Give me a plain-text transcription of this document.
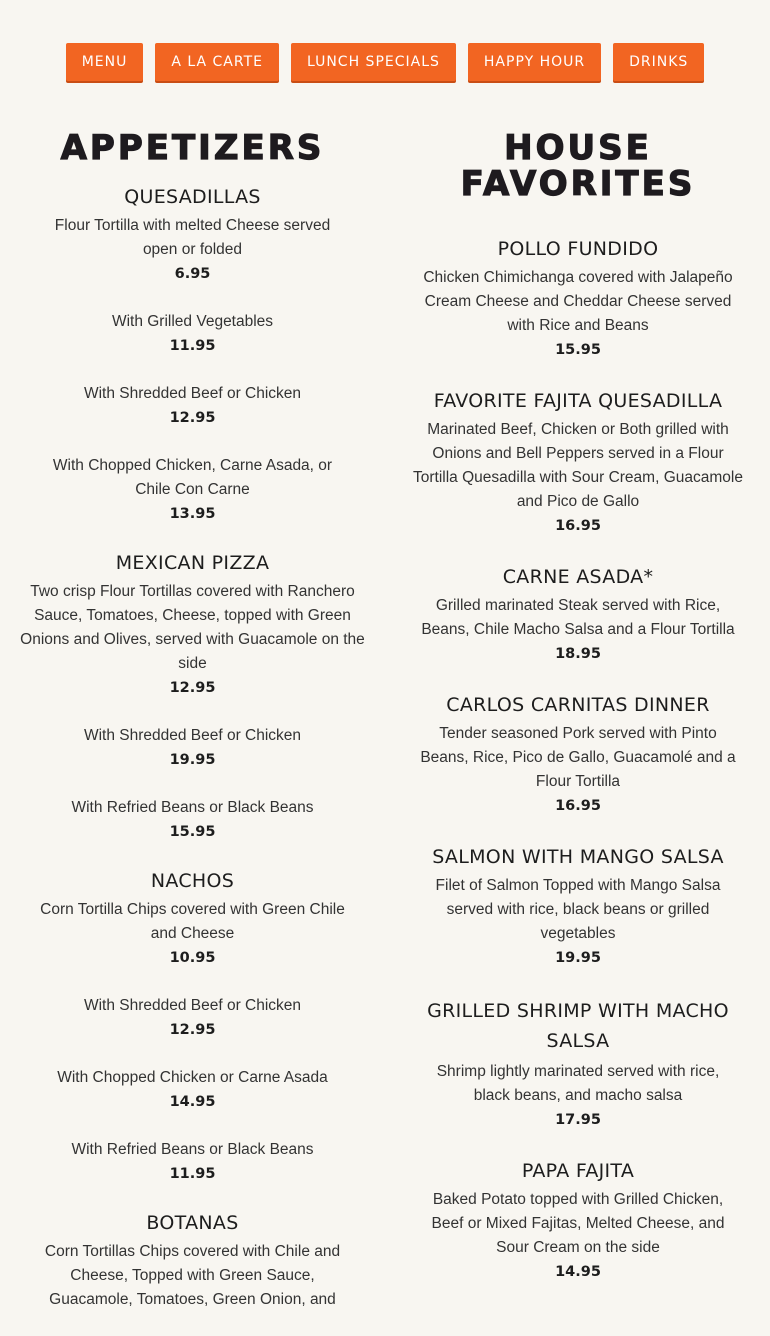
MENU	A LA CARTE	LUNCH SPECIALS	HAPPY HOUR	DRINKS
APPETIZERS
QUESADILLAS

Flour Tortilla with melted Cheese served open or folded

6.95

With Grilled Vegetables

11.95

With Shredded Beef or Chicken

12.95

With Chopped Chicken, Carne Asada, or Chile Con Carne

13.95

MEXICAN PIZZA

Two crisp Flour Tortillas covered with Ranchero Sauce, Tomatoes, Cheese, topped with Green Onions and Olives, served with Guacamole on the side

12.95

With Shredded Beef or Chicken

19.95

With Refried Beans or Black Beans

15.95

NACHOS

Corn Tortilla Chips covered with Green Chile and Cheese

10.95

With Shredded Beef or Chicken

12.95

With Chopped Chicken or Carne Asada

14.95

With Refried Beans or Black Beans

11.95

BOTANAS

Corn Tortillas Chips covered with Chile and Cheese, Topped with Green Sauce, Guacamole, Tomatoes, Green Onion, and

HOUSE
FAVORITES
POLLO FUNDIDO

Chicken Chimichanga covered with Jalapeño Cream Cheese and Cheddar Cheese served with Rice and Beans

15.95

FAVORITE FAJITA QUESADILLA

Marinated Beef, Chicken or Both grilled with Onions and Bell Peppers served in a Flour Tortilla Quesadilla with Sour Cream, Guacamole and Pico de Gallo

16.95

CARNE ASADA*

Grilled marinated Steak served with Rice, Beans, Chile Macho Salsa and a Flour Tortilla

18.95

CARLOS CARNITAS DINNER

Tender seasoned Pork served with Pinto Beans, Rice, Pico de Gallo, Guacamolé and a Flour Tortilla

16.95

SALMON WITH MANGO SALSA

Filet of Salmon Topped with Mango Salsa served with rice, black beans or grilled vegetables

19.95

GRILLED SHRIMP WITH MACHO SALSA

Shrimp lightly marinated served with rice, black beans, and macho salsa

17.95

PAPA FAJITA

Baked Potato topped with Grilled Chicken, Beef or Mixed Fajitas, Melted Cheese, and Sour Cream on the side

14.95
